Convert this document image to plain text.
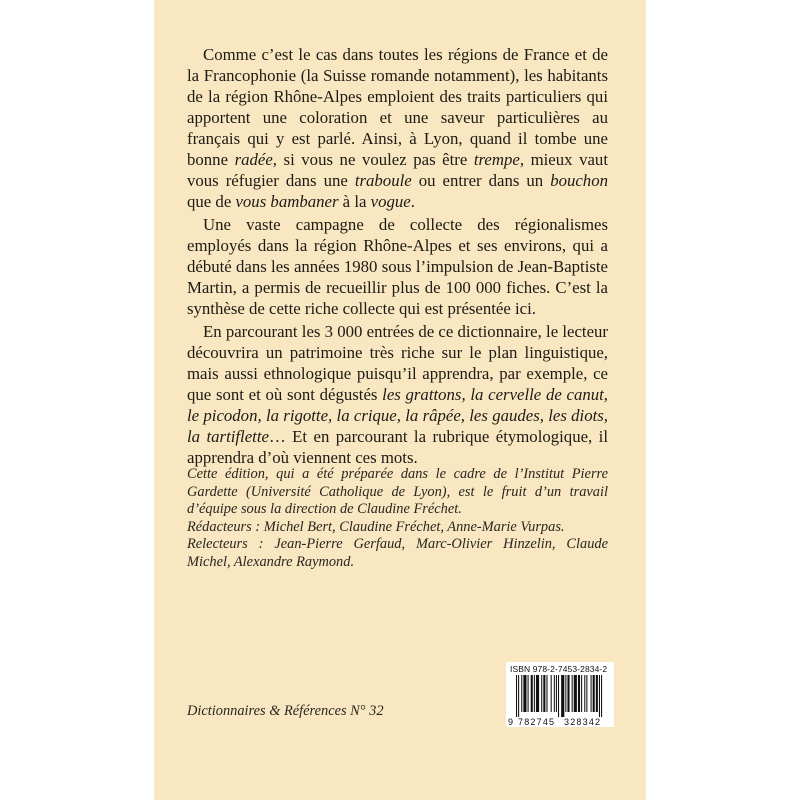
Comme c’est le cas dans toutes les régions de France et de la Francophonie (la Suisse romande notamment), les habitants de la région Rhône-Alpes emploient des traits particuliers qui apportent une coloration et une saveur particulières au français qui y est parlé. Ainsi, à Lyon, quand il tombe une bonne radée, si vous ne voulez pas être trempe, mieux vaut vous réfugier dans une traboule ou entrer dans un bouchon que de vous bambaner à la vogue.

Une vaste campagne de collecte des régionalismes employés dans la région Rhône-Alpes et ses environs, qui a débuté dans les années 1980 sous l’impulsion de Jean-Baptiste Martin, a permis de recueillir plus de 100 000 fiches. C’est la synthèse de cette riche collecte qui est présentée ici.

En parcourant les 3 000 entrées de ce dictionnaire, le lecteur découvrira un patrimoine très riche sur le plan linguistique, mais aussi ethnologique puisqu’il apprendra, par exemple, ce que sont et où sont dégustés les grattons, la cervelle de canut, le picodon, la rigotte, la crique, la râpée, les gaudes, les diots, la tartiflette… Et en parcourant la rubrique étymologique, il apprendra d’où viennent ces mots.

Cette édition, qui a été préparée dans le cadre de l’Institut Pierre Gardette (Université Catholique de Lyon), est le fruit d’un travail d’équipe sous la direction de Claudine Fréchet.

Rédacteurs : Michel Bert, Claudine Fréchet, Anne-Marie Vurpas.

Relecteurs : Jean-Pierre Gerfaud, Marc-Olivier Hinzelin, Claude Michel, Alexandre Raymond.

Dictionnaires & Références N° 32
ISBN 978-2-7453-2834-2
9 782745 328342
